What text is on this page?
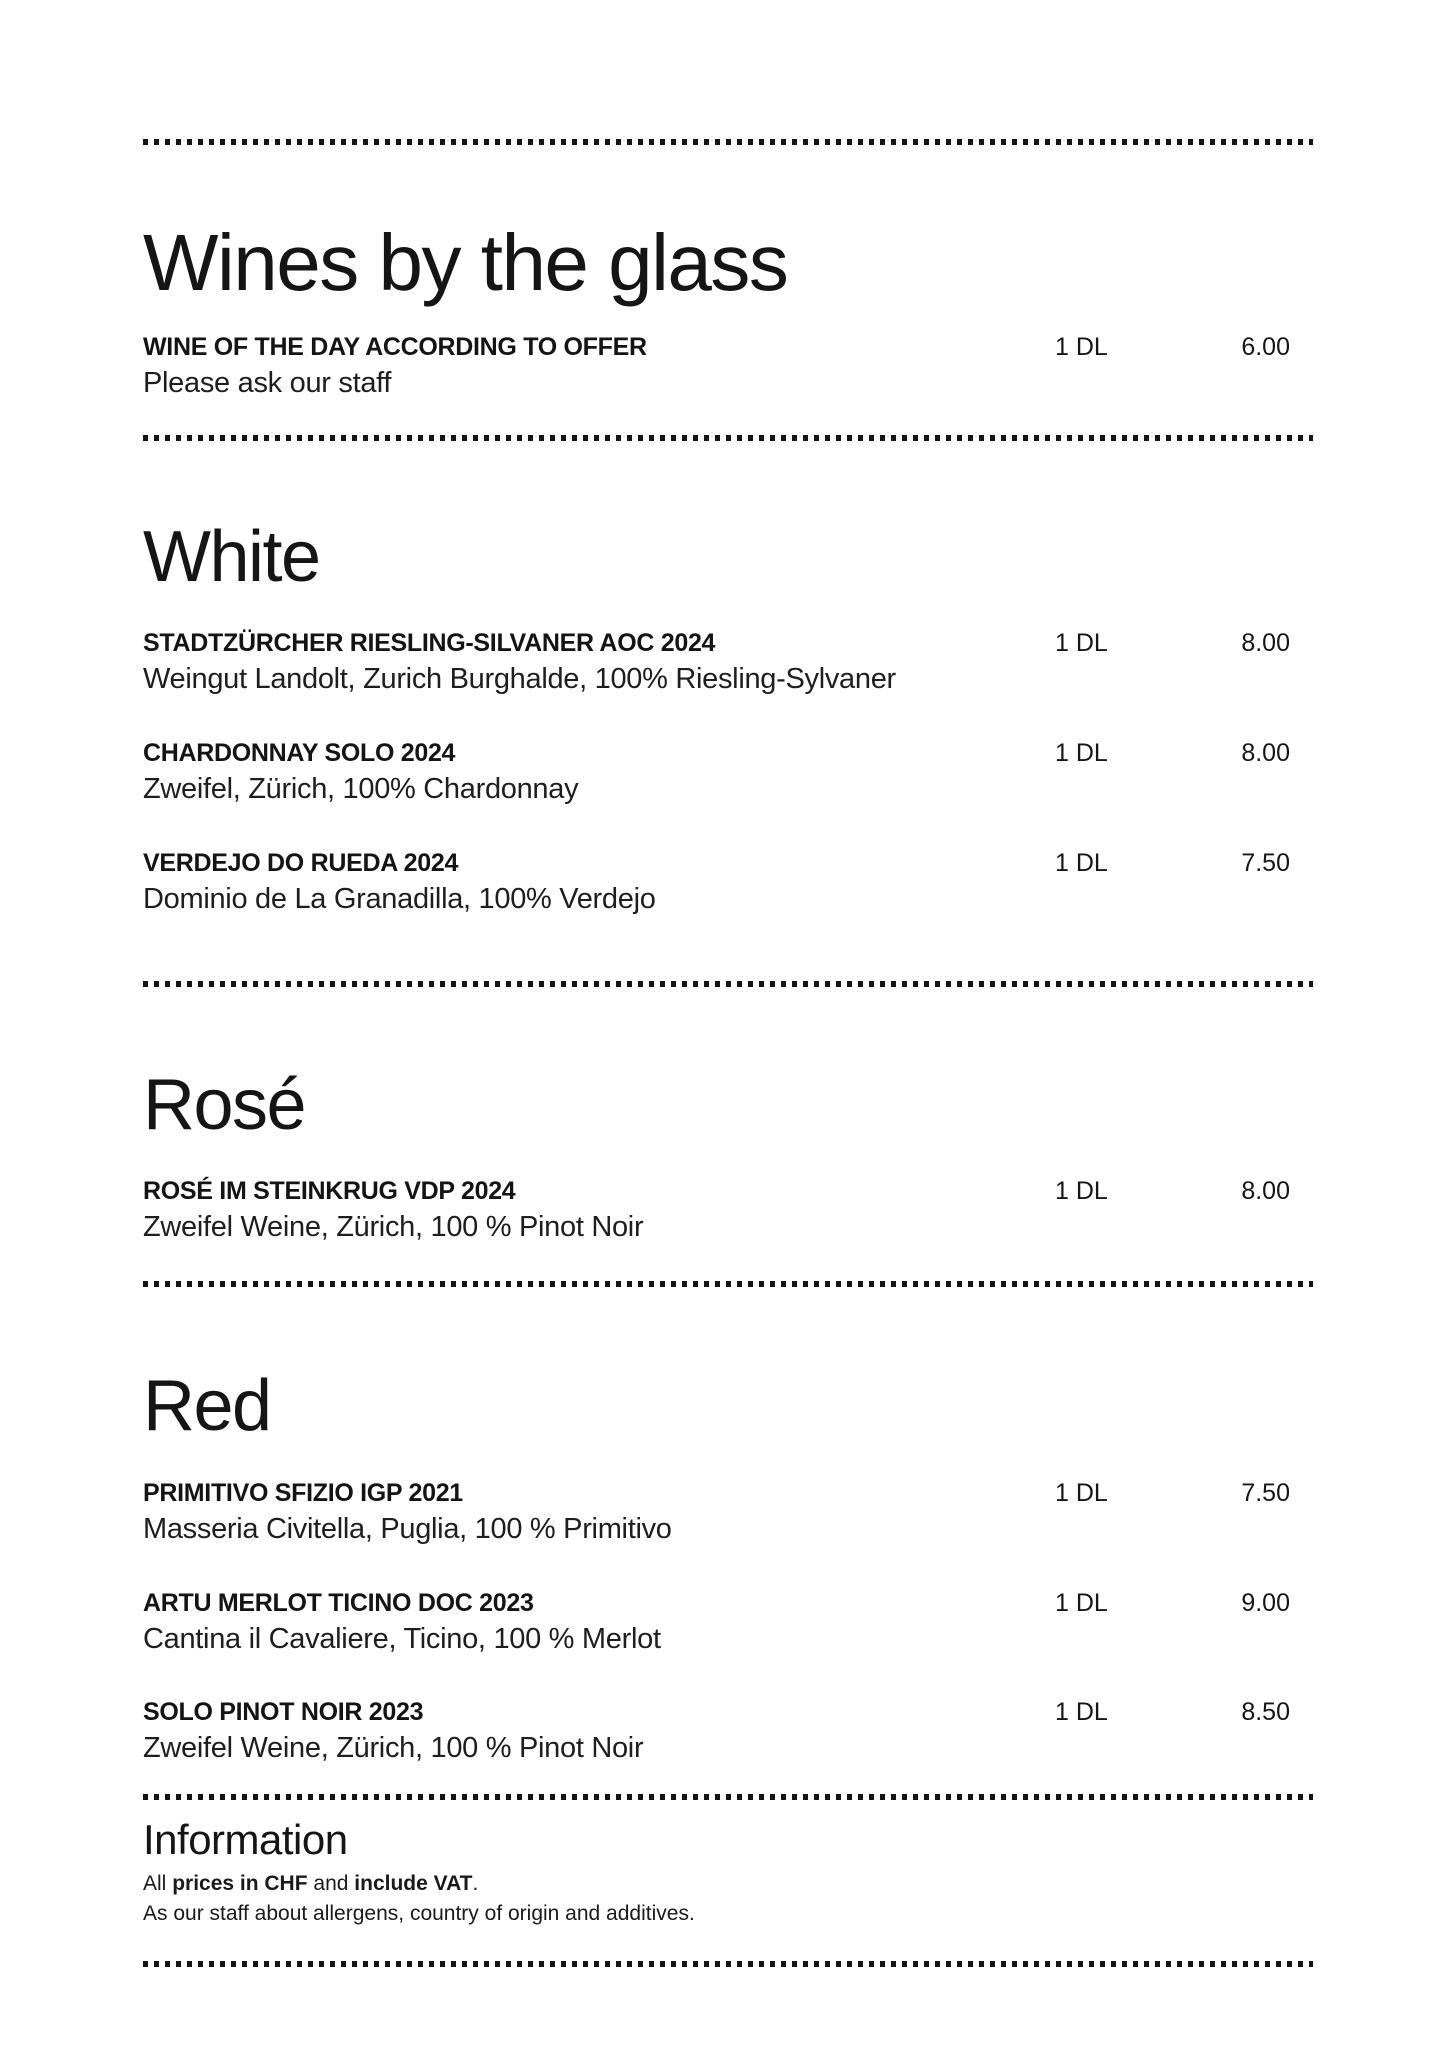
Wines by the glass
WINE OF THE DAY ACCORDING TO OFFER	1 DL	6.00
Please ask our staff
White
STADTZÜRCHER RIESLING-SILVANER AOC 2024	1 DL	8.00
Weingut Landolt, Zurich Burghalde, 100% Riesling-Sylvaner
CHARDONNAY SOLO 2024	1 DL	8.00
Zweifel, Zürich, 100% Chardonnay
VERDEJO DO RUEDA 2024	1 DL	7.50
Dominio de La Granadilla, 100% Verdejo
Rosé
ROSÉ IM STEINKRUG VDP 2024	1 DL	8.00
Zweifel Weine, Zürich, 100 % Pinot Noir
Red
PRIMITIVO SFIZIO IGP 2021	1 DL	7.50
Masseria Civitella, Puglia, 100 % Primitivo
ARTU MERLOT TICINO DOC 2023	1 DL	9.00
Cantina il Cavaliere, Ticino, 100 % Merlot
SOLO PINOT NOIR 2023	1 DL	8.50
Zweifel Weine, Zürich, 100 % Pinot Noir
Information

All prices in CHF and include VAT.

As our staff about allergens, country of origin and additives.
